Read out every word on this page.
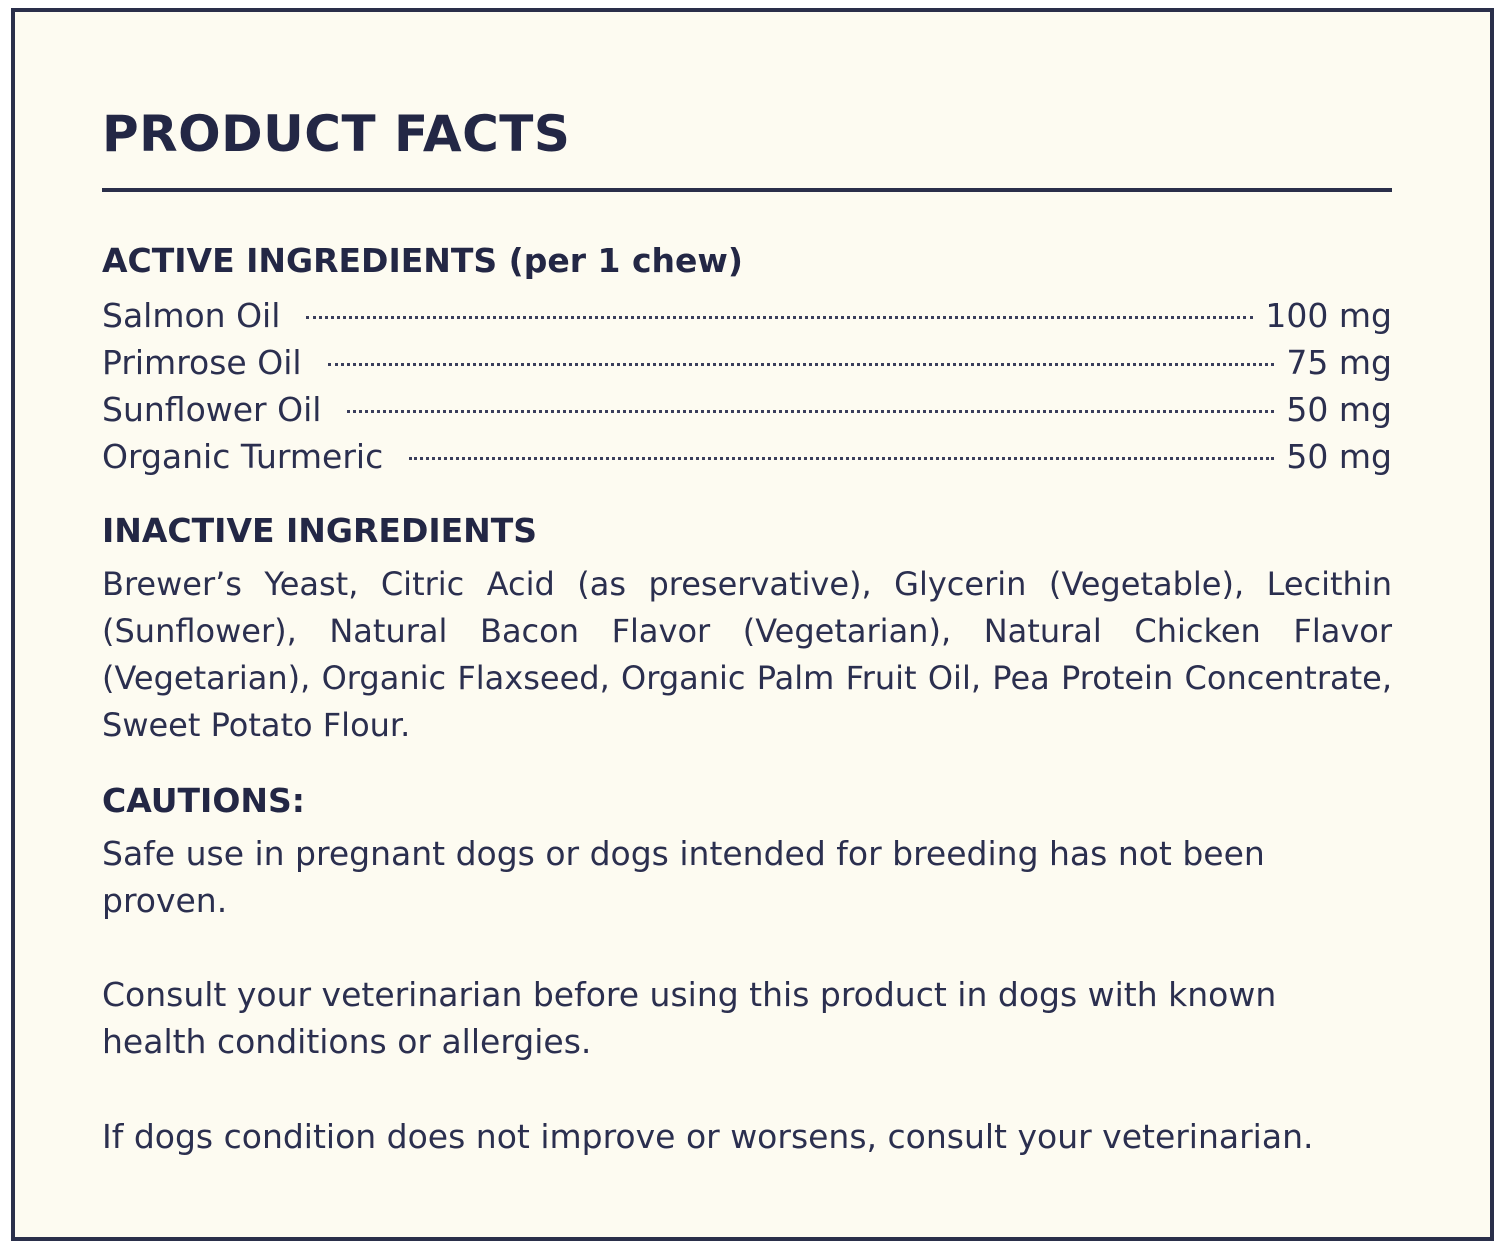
PRODUCT FACTS
ACTIVE INGREDIENTS (per 1 chew)
Salmon Oil	100 mg
Primrose Oil	75 mg
Sunflower Oil	50 mg
Organic Turmeric	50 mg
INACTIVE INGREDIENTS

Brewer’s Yeast, Citric Acid (as preservative), Glycerin (Vegetable), Lecithin (Sunflower), Natural Bacon Flavor (Vegetarian), Natural Chicken Flavor (Vegetarian), Organic Flaxseed, Organic Palm Fruit Oil, Pea Protein Concentrate, Sweet Potato Flour.

CAUTIONS:

Safe use in pregnant dogs or dogs intended for breeding has not been proven.

Consult your veterinarian before using this product in dogs with known health conditions or allergies.

If dogs condition does not improve or worsens, consult your veterinarian.
